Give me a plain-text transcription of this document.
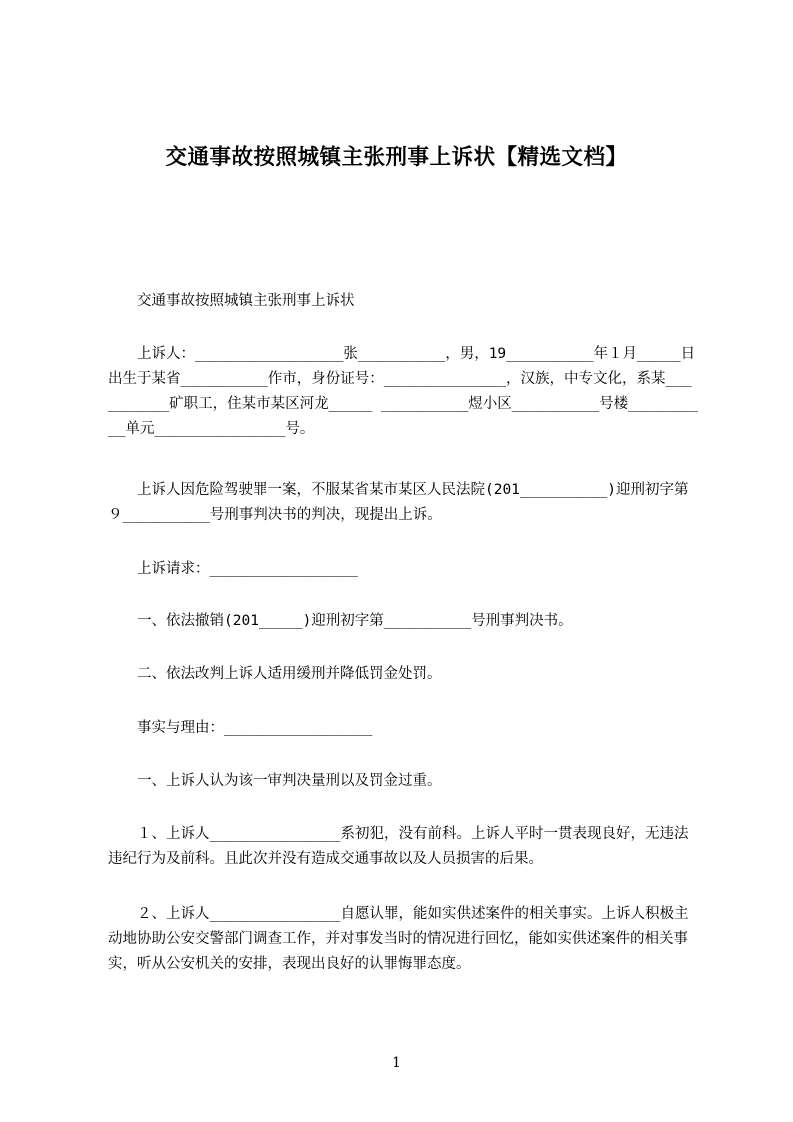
交通事故按照城镇主张刑事上诉状【精选文档】
交通事故按照城镇主张刑事上诉状
上诉人：_________________张__________，男，19__________年１月_____日出生于某省__________作市，身份证号：______________，汉族，中专文化，系某__________矿职工，住某市某区河龙_____ __________煜小区__________号楼__________单元_______________号。
上诉人因危险驾驶罪一案，不服某省某市某区人民法院(201__________)迎刑初字第９__________号刑事判决书的判决，现提出上诉。
上诉请求：_________________
一、依法撤销(201_____)迎刑初字第__________号刑事判决书。
二、依法改判上诉人适用缓刑并降低罚金处罚。
事实与理由：_________________
一、上诉人认为该一审判决量刑以及罚金过重。
１、上诉人_______________系初犯，没有前科。上诉人平时一贯表现良好，无违法违纪行为及前科。且此次并没有造成交通事故以及人员损害的后果。
２、上诉人_______________自愿认罪，能如实供述案件的相关事实。上诉人积极主动地协助公安交警部门调查工作，并对事发当时的情况进行回忆，能如实供述案件的相关事实，听从公安机关的安排，表现出良好的认罪悔罪态度。
1
